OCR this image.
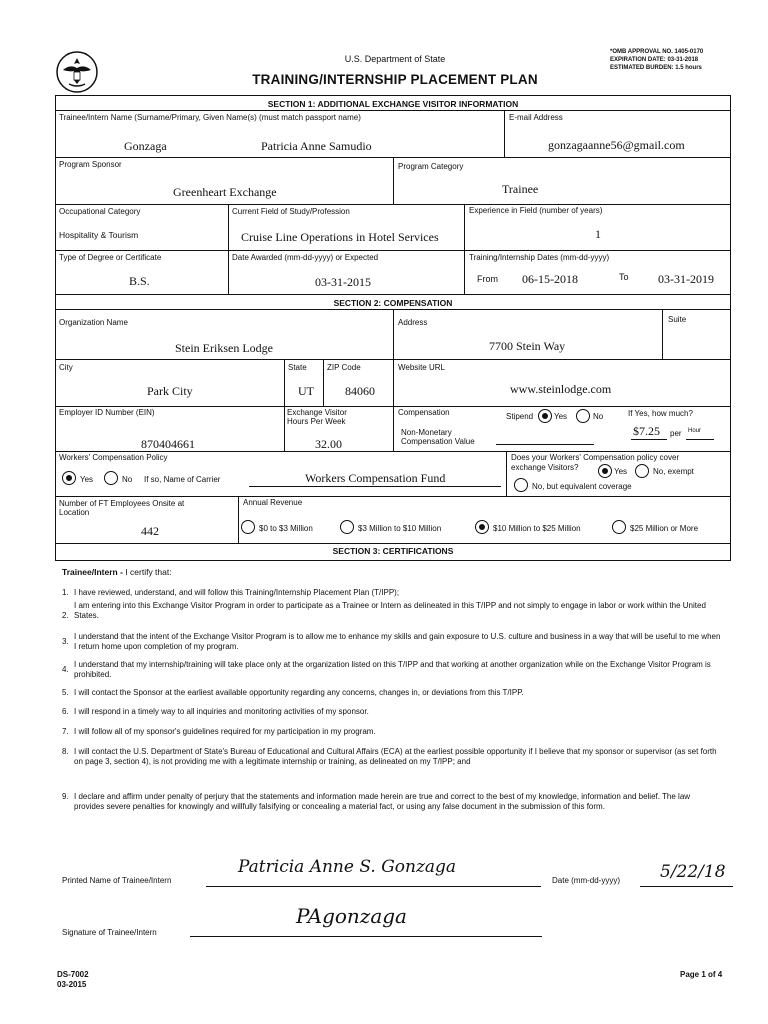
U.S. Department of State
TRAINING/INTERNSHIP PLACEMENT PLAN
*OMB APPROVAL NO. 1405-0170
EXPIRATION DATE: 03-31-2018
ESTIMATED BURDEN: 1.5 hours
SECTION 1: ADDITIONAL EXCHANGE VISITOR INFORMATION
SECTION 2: COMPENSATION
SECTION 3: CERTIFICATIONS
Trainee/Intern Name (Surname/Primary, Given Name(s) (must match passport name)
Gonzaga	Patricia Anne Samudio
E-mail Address
gonzagaanne56@gmail.com
Program Sponsor
Greenheart Exchange
Program Category
Trainee
Occupational Category
Hospitality & Tourism
Current Field of Study/Profession
Cruise Line Operations in Hotel Services
Experience in Field (number of years)
1
Type of Degree or Certificate
B.S.
Date Awarded (mm-dd-yyyy) or Expected
03-31-2015
Training/Internship Dates (mm-dd-yyyy)
From 06-15-2018	To 03-31-2019
Organization Name
Stein Eriksen Lodge
Address
7700 Stein Way
Suite
City
Park City
State
UT
ZIP Code
84060
Website URL
www.steinlodge.com
Employer ID Number (EIN)
870404661
Exchange Visitor
Hours Per Week
32.00
Compensation	Stipend	Yes	No	If Yes, how much?
$7.25 per Hour
Non-Monetary
Compensation Value
Workers' Compensation Policy
Yes	No If so, Name of Carrier	Workers Compensation Fund
Does your Workers' Compensation policy cover
exchange Visitors?	Yes	No, exempt
No, but equivalent coverage
Number of FT Employees Onsite at
Location
442
Annual Revenue
$0 to $3 Million	$3 Million to $10 Million	$10 Million to $25 Million	$25 Million or More
Trainee/Intern - I certify that:
1. I have reviewed, understand, and will follow this Training/Internship Placement Plan (T/IPP);
2.
I am entering into this Exchange Visitor Program in order to participate as a Trainee or Intern as delineated in this T/IPP and not simply to engage in labor or work within the United States.
3.
I understand that the intent of the Exchange Visitor Program is to allow me to enhance my skills and gain exposure to U.S. culture and business in a way that will be useful to me when I return home upon completion of my program.
4.
I understand that my internship/training will take place only at the organization listed on this T/IPP and that working at another organization while on the Exchange Visitor Program is prohibited.
5. I will contact the Sponsor at the earliest available opportunity regarding any concerns, changes in, or deviations from this T/IPP.
6. I will respond in a timely way to all inquiries and monitoring activities of my sponsor.
7. I will follow all of my sponsor's guidelines required for my participation in my program.
8. I will contact the U.S. Department of State's Bureau of Educational and Cultural Affairs (ECA) at the earliest possible opportunity if I believe that my sponsor or supervisor (as set forth on page 3, section 4), is not providing me with a legitimate internship or training, as delineated on my T/IPP; and
9. I declare and affirm under penalty of perjury that the statements and information made herein are true and correct to the best of my knowledge, information and belief. The law provides severe penalties for knowingly and willfully falsifying or concealing a material fact, or using any false document in the submission of this form.
Printed Name of Trainee/Intern
Patricia Anne S. Gonzaga
Date (mm-dd-yyyy) 5/22/18
Signature of Trainee/Intern
PAgonzaga
DS-7002
03-2015
Page 1 of 4
